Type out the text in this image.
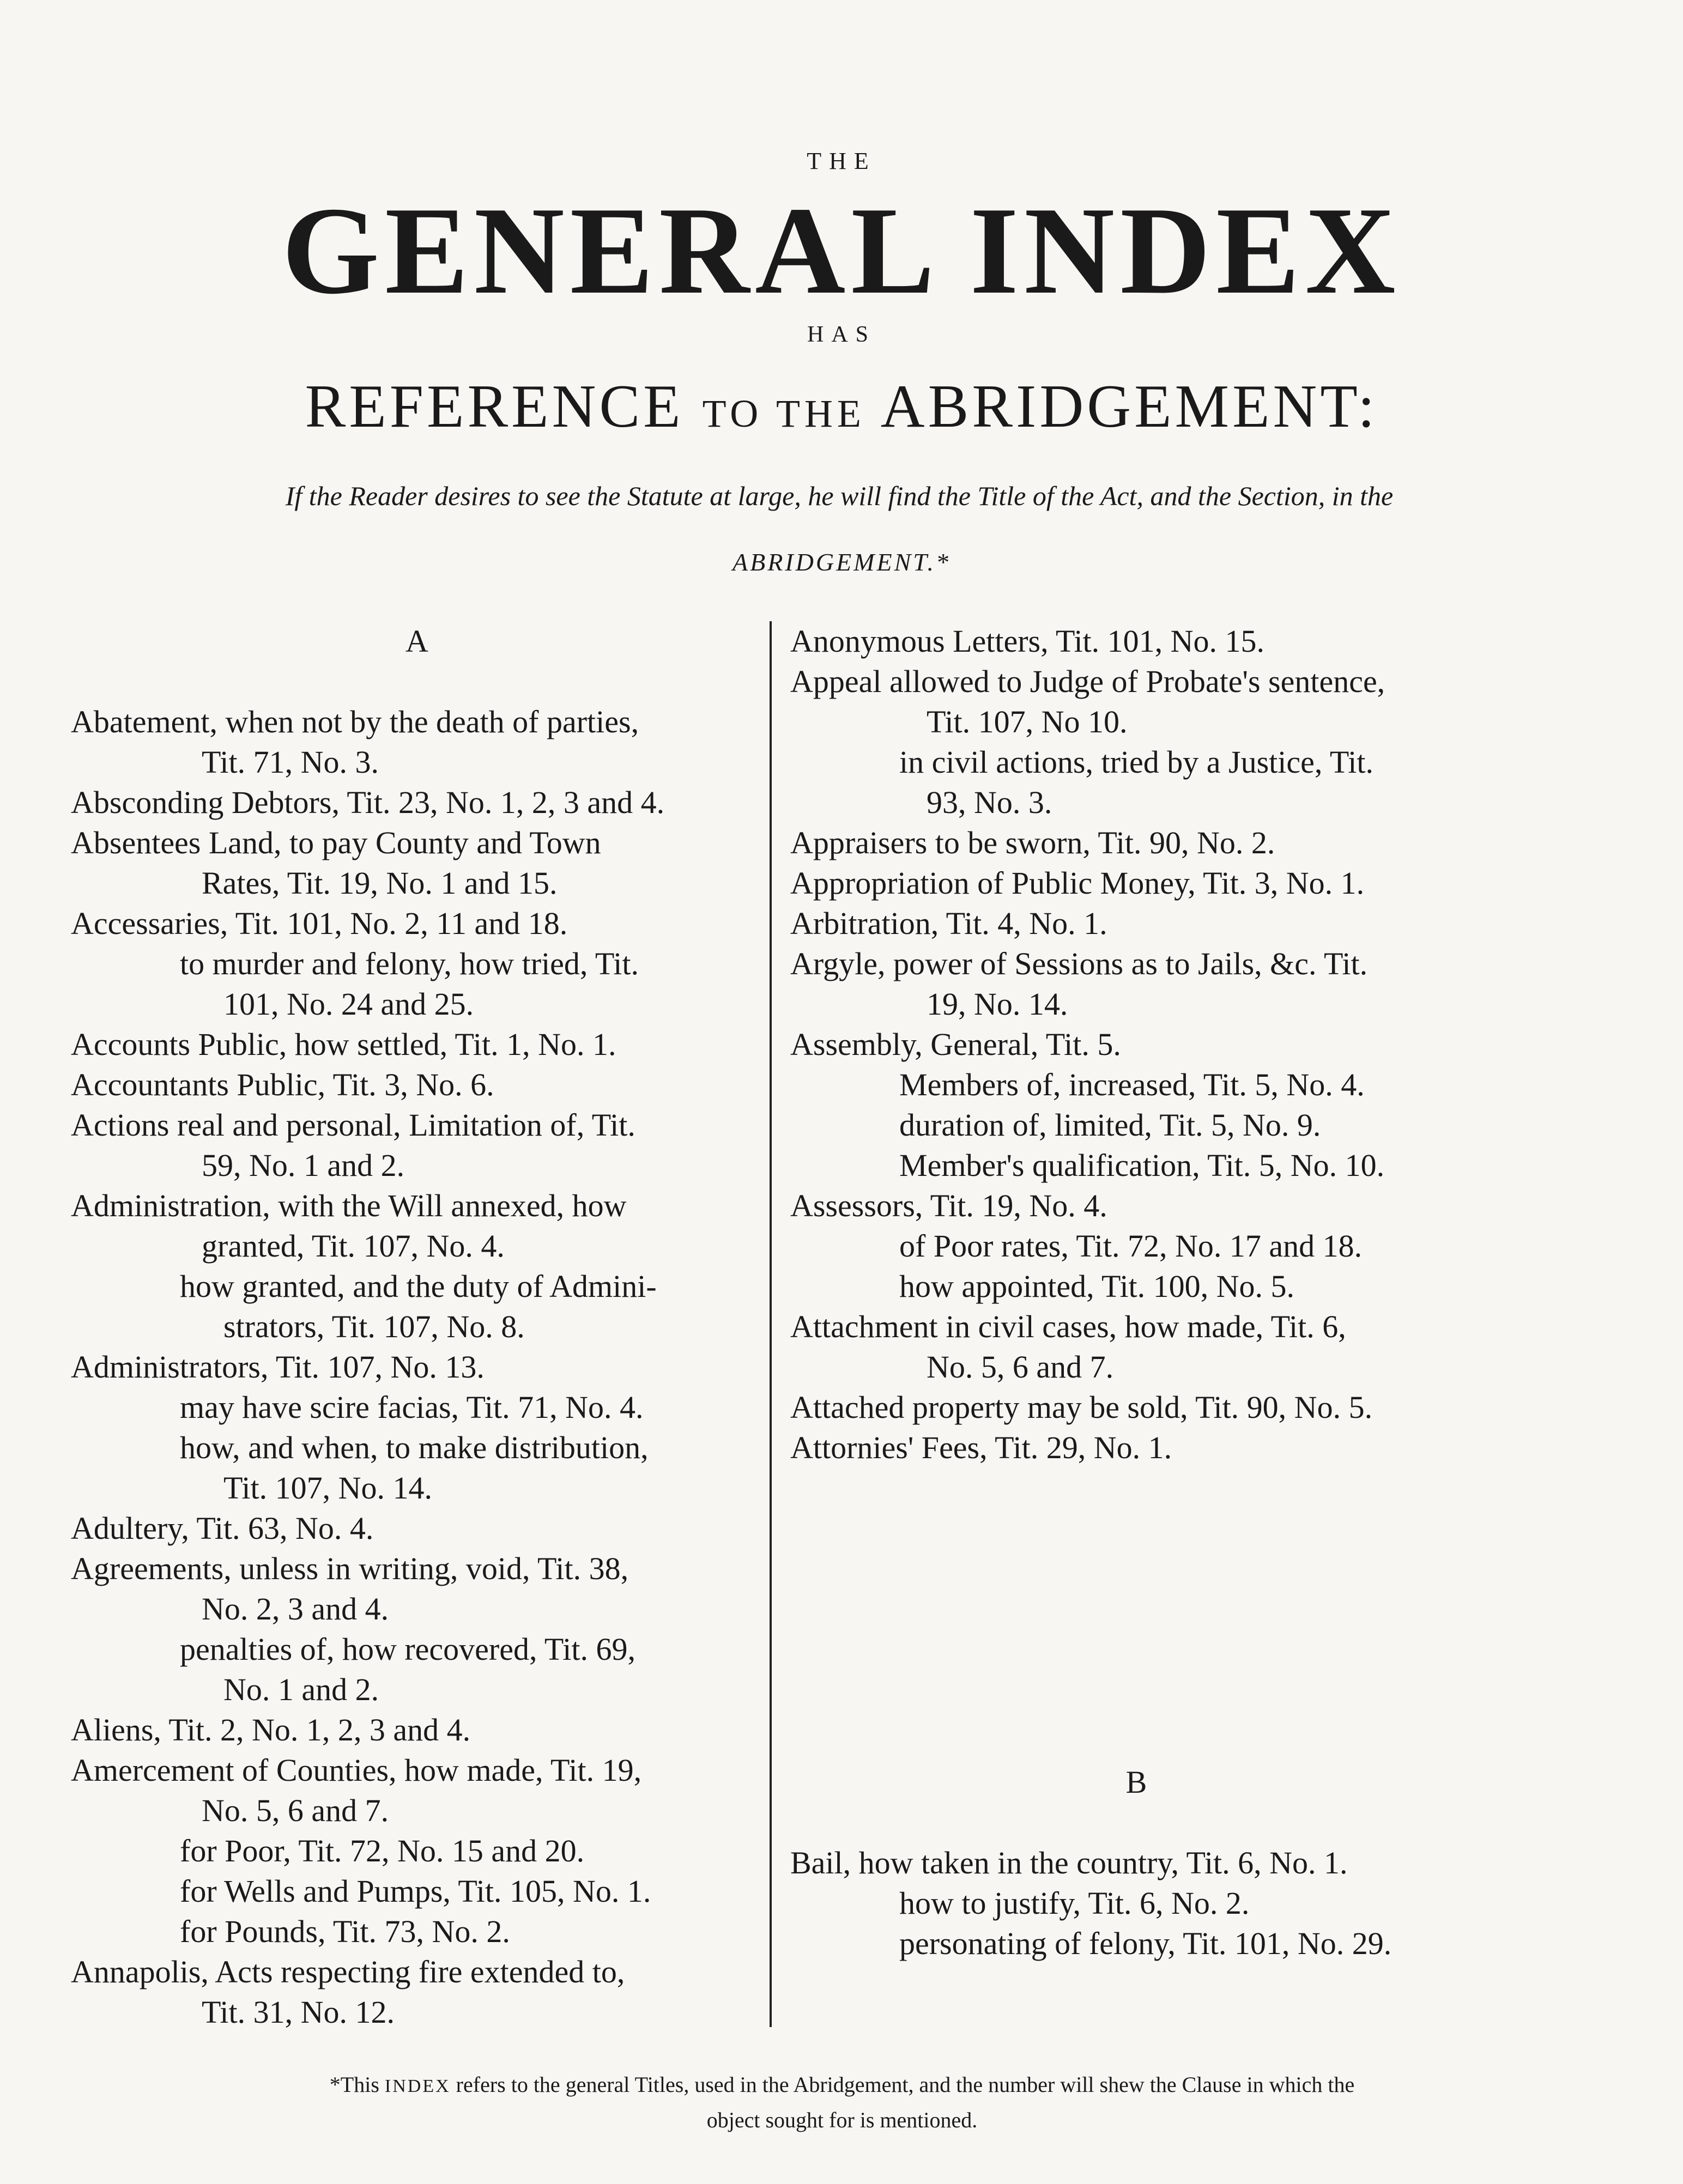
THE
GENERAL INDEX
HAS
REFERENCE TO THE ABRIDGEMENT:
If the Reader desires to see the Statute at large, he will find the Title of the Act, and the Section, in the
ABRIDGEMENT.*
A
Abatement, when not by the death of parties,
Tit. 71, No. 3.
Absconding Debtors, Tit. 23, No. 1, 2, 3 and 4.
Absentees Land, to pay County and Town
Rates, Tit. 19, No. 1 and 15.
Accessaries, Tit. 101, No. 2, 11 and 18.
to murder and felony, how tried, Tit.
101, No. 24 and 25.
Accounts Public, how settled, Tit. 1, No. 1.
Accountants Public, Tit. 3, No. 6.
Actions real and personal, Limitation of, Tit.
59, No. 1 and 2.
Administration, with the Will annexed, how
granted, Tit. 107, No. 4.
how granted, and the duty of Admini-
strators, Tit. 107, No. 8.
Administrators, Tit. 107, No. 13.
may have scire facias, Tit. 71, No. 4.
how, and when, to make distribution,
Tit. 107, No. 14.
Adultery, Tit. 63, No. 4.
Agreements, unless in writing, void, Tit. 38,
No. 2, 3 and 4.
penalties of, how recovered, Tit. 69,
No. 1 and 2.
Aliens, Tit. 2, No. 1, 2, 3 and 4.
Amercement of Counties, how made, Tit. 19,
No. 5, 6 and 7.
for Poor, Tit. 72, No. 15 and 20.
for Wells and Pumps, Tit. 105, No. 1.
for Pounds, Tit. 73, No. 2.
Annapolis, Acts respecting fire extended to,
Tit. 31, No. 12.
Anonymous Letters, Tit. 101, No. 15.
Appeal allowed to Judge of Probate's sentence,
Tit. 107, No 10.
in civil actions, tried by a Justice, Tit.
93, No. 3.
Appraisers to be sworn, Tit. 90, No. 2.
Appropriation of Public Money, Tit. 3, No. 1.
Arbitration, Tit. 4, No. 1.
Argyle, power of Sessions as to Jails, &c. Tit.
19, No. 14.
Assembly, General, Tit. 5.
Members of, increased, Tit. 5, No. 4.
duration of, limited, Tit. 5, No. 9.
Member's qualification, Tit. 5, No. 10.
Assessors, Tit. 19, No. 4.
of Poor rates, Tit. 72, No. 17 and 18.
how appointed, Tit. 100, No. 5.
Attachment in civil cases, how made, Tit. 6,
No. 5, 6 and 7.
Attached property may be sold, Tit. 90, No. 5.
Attornies' Fees, Tit. 29, No. 1.
B
Bail, how taken in the country, Tit. 6, No. 1.
how to justify, Tit. 6, No. 2.
personating of felony, Tit. 101, No. 29.
*This INDEX refers to the general Titles, used in the Abridgement, and the number will shew the Clause in which the
object sought for is mentioned.
